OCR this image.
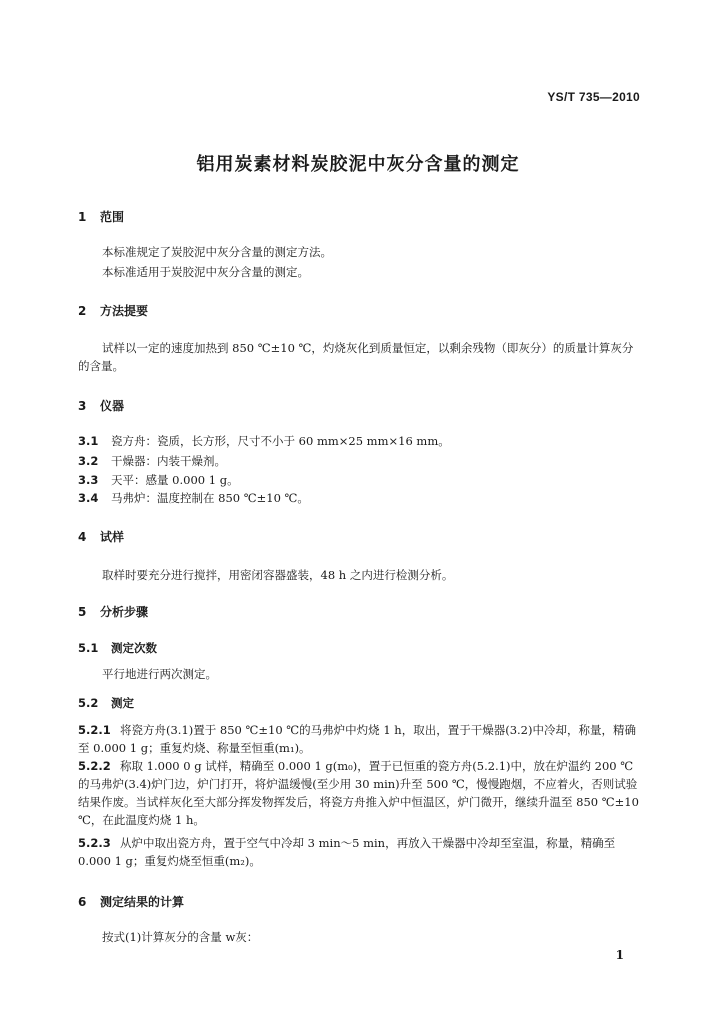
YS/T 735—2010
铝用炭素材料炭胶泥中灰分含量的测定
1 范围
本标准规定了炭胶泥中灰分含量的测定方法。
本标准适用于炭胶泥中灰分含量的测定。
2 方法提要
试样以一定的速度加热到 850 ℃±10 ℃，灼烧灰化到质量恒定，以剩余残物（即灰分）的质量计算灰分的含量。
3 仪器
3.1 瓷方舟：瓷质，长方形，尺寸不小于 60 mm×25 mm×16 mm。
3.2 干燥器：内装干燥剂。
3.3 天平：感量 0.000 1 g。
3.4 马弗炉：温度控制在 850 ℃±10 ℃。
4 试样
取样时要充分进行搅拌，用密闭容器盛装，48 h 之内进行检测分析。
5 分析步骤
5.1 测定次数
平行地进行两次测定。
5.2 测定
5.2.1 将瓷方舟(3.1)置于 850 ℃±10 ℃的马弗炉中灼烧 1 h，取出，置于干燥器(3.2)中冷却，称量，精确至 0.000 1 g；重复灼烧、称量至恒重(m₁)。
5.2.2 称取 1.000 0 g 试样，精确至 0.000 1 g(m₀)，置于已恒重的瓷方舟(5.2.1)中，放在炉温约 200 ℃的马弗炉(3.4)炉门边，炉门打开，将炉温缓慢(至少用 30 min)升至 500 ℃，慢慢跑烟，不应着火，否则试验结果作废。当试样灰化至大部分挥发物挥发后，将瓷方舟推入炉中恒温区，炉门微开，继续升温至 850 ℃±10 ℃，在此温度灼烧 1 h。
5.2.3 从炉中取出瓷方舟，置于空气中冷却 3 min～5 min，再放入干燥器中冷却至室温，称量，精确至 0.000 1 g；重复灼烧至恒重(m₂)。
6 测定结果的计算
按式(1)计算灰分的含量 w灰：
1
